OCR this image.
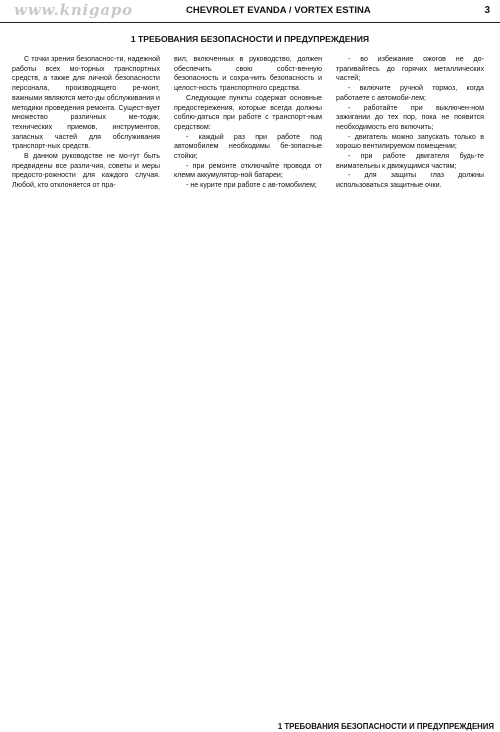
www.knigapo	CHEVROLET EVANDA / VORTEX ESTINA	3
1 ТРЕБОВАНИЯ БЕЗОПАСНОСТИ И ПРЕДУПРЕЖДЕНИЯ

С точки зрения безопаснос-ти, надежной работы всех мо-торных транспортных средств, а также для личной безопасности персонала, производящего ре-монт, важными являются мето-ды обслуживания и методики проведения ремонта. Сущест-вует множество различных ме-тодик, технических приемов, инструментов, запасных частей для обслуживания транспорт-ных средств.

В данном руководстве не мо-гут быть предвидены все разли-чия, советы и меры предосто-рожности для каждого случая. Любой, кто отклоняется от пра-

вил, включенных в руководство, должен обеспечить свою собст-венную безопасность и сохра-нить безопасность и целост-ность транспортного средства.

Следующие пункты содержат основные предостережения, которые всегда должны соблю-даться при работе с транспорт-ным средством:

- каждый раз при работе под автомобилем необходимы бе-зопасные стойки;

- при ремонте отключайте провода от клемм аккумулятор-ной батареи;

- не курите при работе с ав-томобилем;

- во избежание ожогов не до-трагивайтесь до горячих металлических частей;

- включите ручной тормоз, когда работаете с автомоби-лем;

- работайте при выключен-ном зажигании до тех пор, пока не появится необходимость его включить;

- двигатель можно запускать только в хорошо вентилируемом помещении;

- при работе двигателя будь-те внимательны к движущимся частям;

- для защиты глаз должны использоваться защитные очки.

1 ТРЕБОВАНИЯ БЕЗОПАСНОСТИ И ПРЕДУПРЕЖДЕНИЯ
